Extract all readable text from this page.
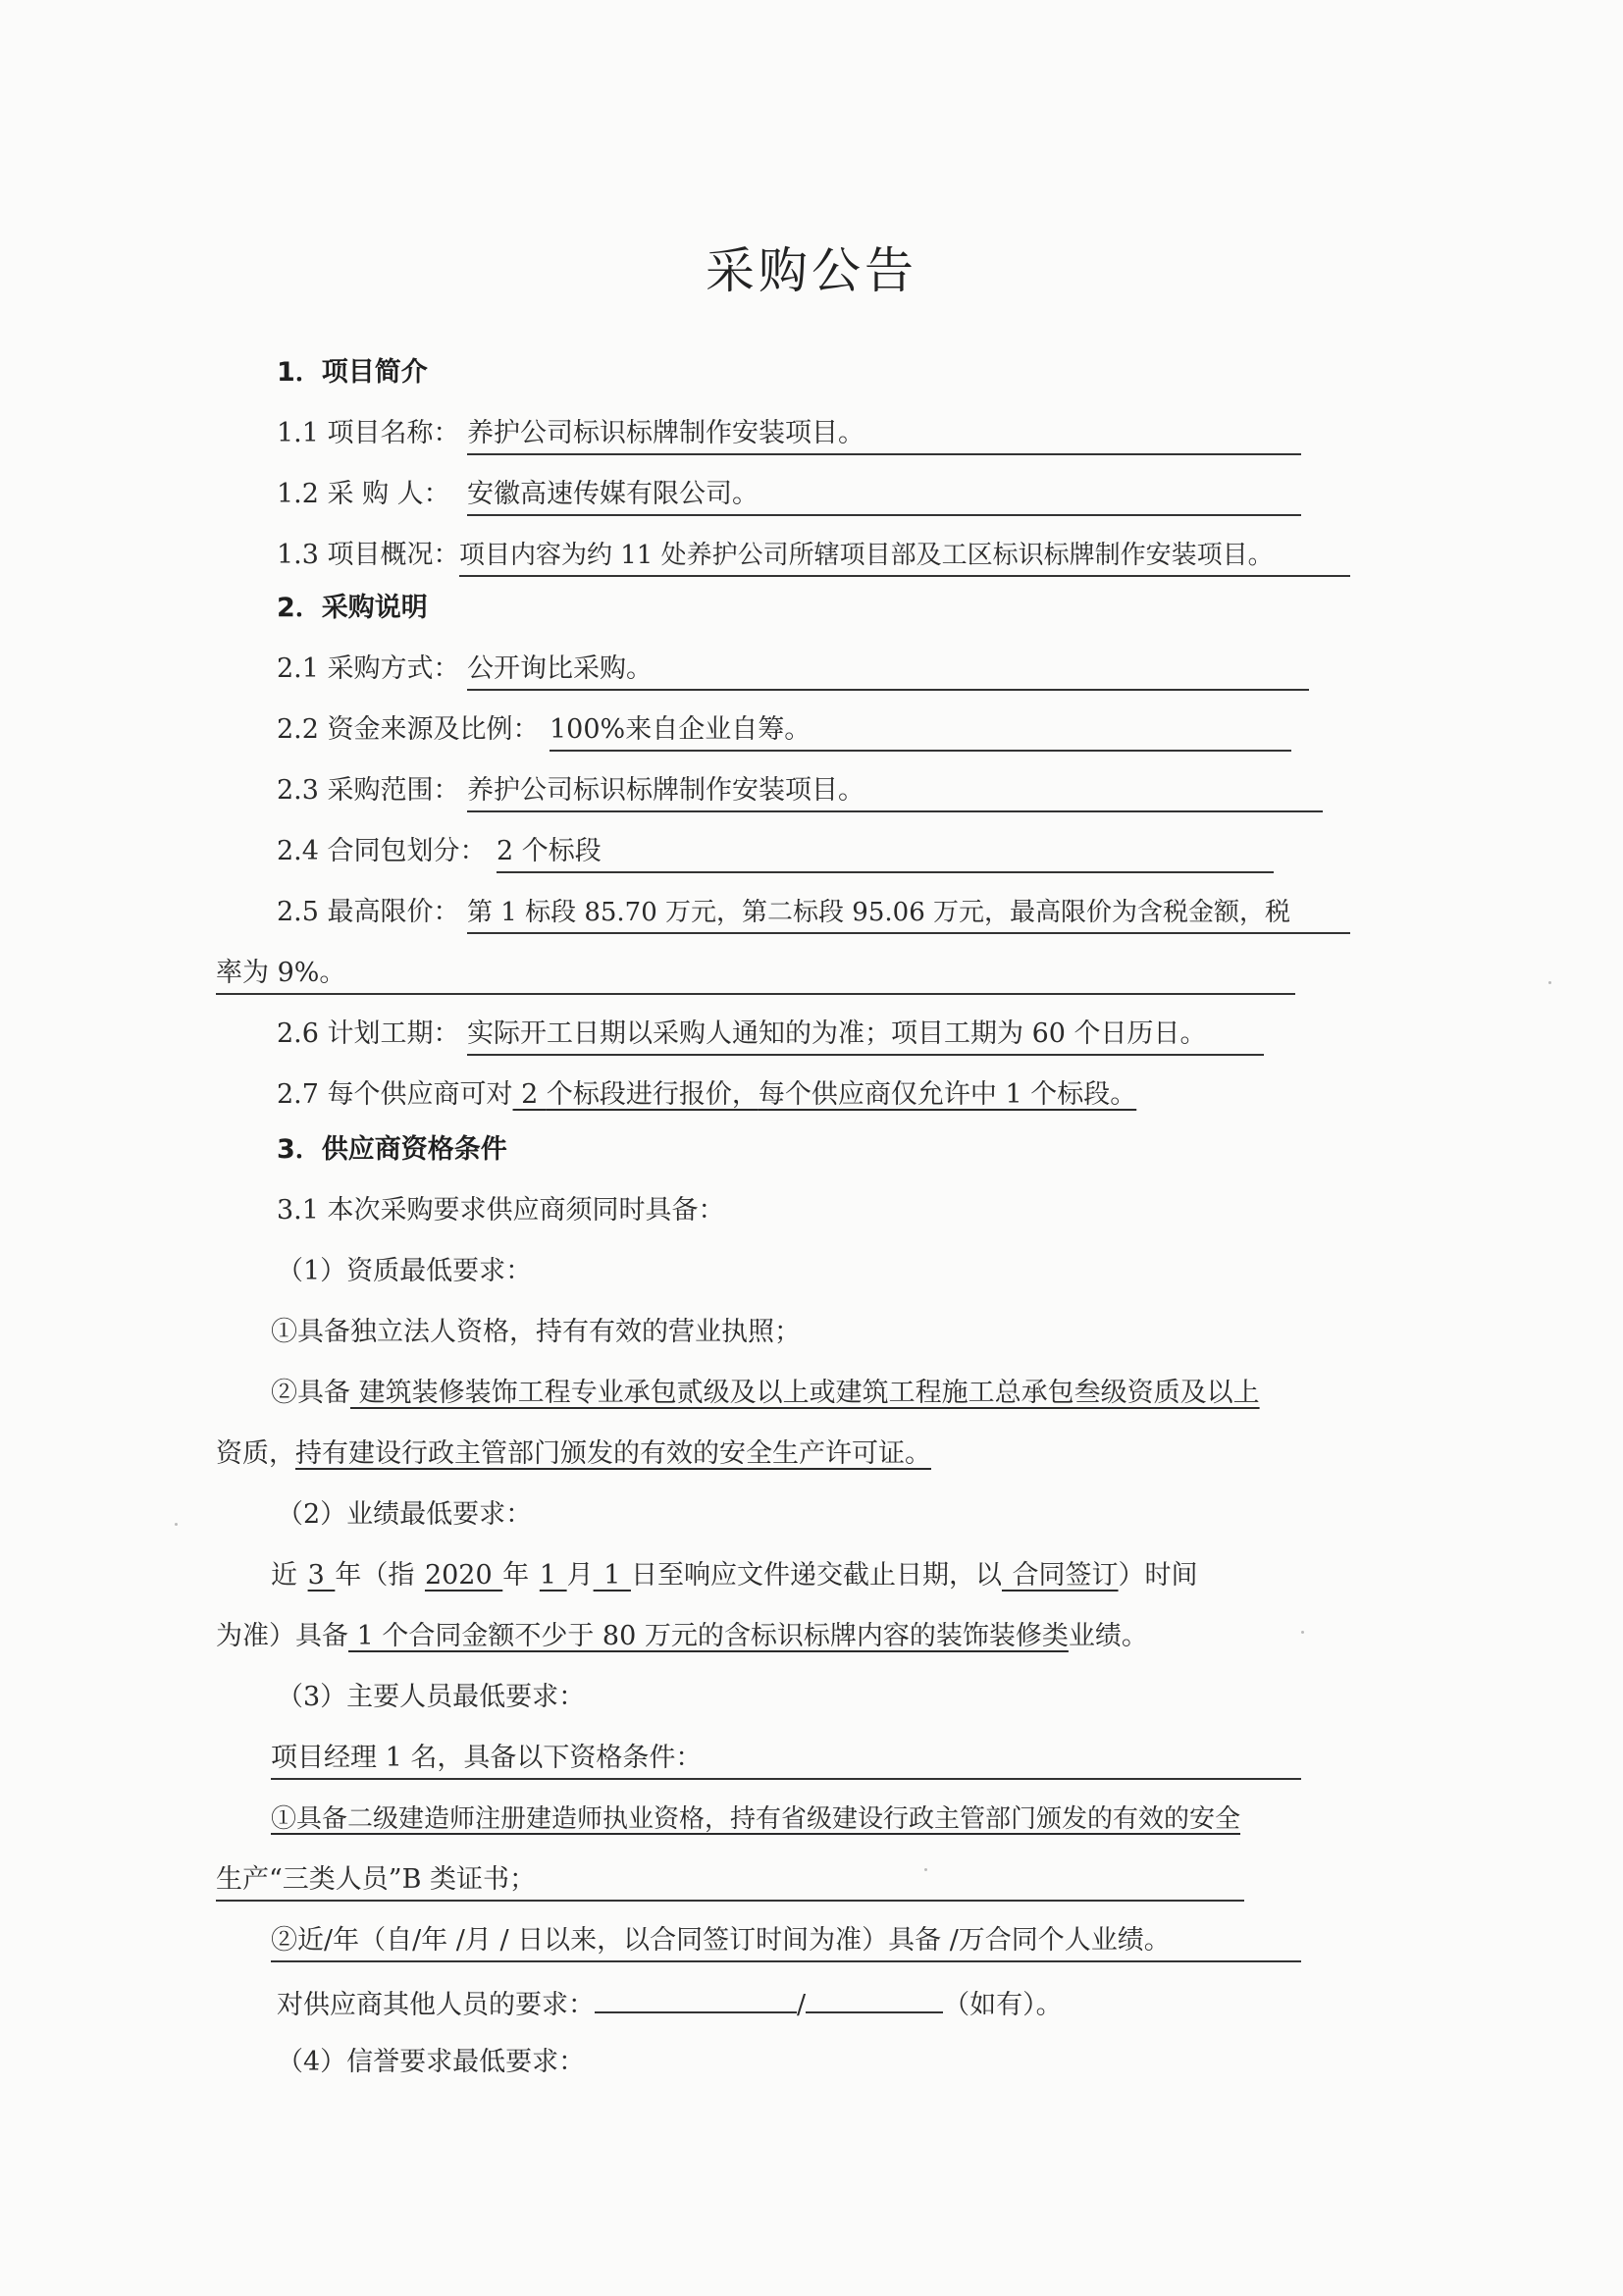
采购公告
1．项目简介
1.1 项目名称： 养护公司标识标牌制作安装项目。
1.2 采 购 人： 安徽高速传媒有限公司。
1.3 项目概况： 项目内容为约 11 处养护公司所辖项目部及工区标识标牌制作安装项目。
2．采购说明
2.1 采购方式： 公开询比采购。
2.2 资金来源及比例： 100%来自企业自筹。
2.3 采购范围： 养护公司标识标牌制作安装项目。
2.4 合同包划分： 2 个标段
2.5 最高限价： 第 1 标段 85.70 万元，第二标段 95.06 万元，最高限价为含税金额，税
率为 9%。
2.6 计划工期： 实际开工日期以采购人通知的为准；项目工期为 60 个日历日。
2.7 每个供应商可对 2 个标段进行报价，每个供应商仅允许中 1 个标段。
3．供应商资格条件
3.1 本次采购要求供应商须同时具备：
（1）资质最低要求：
①具备独立法人资格，持有有效的营业执照；
②具备 建筑装修装饰工程专业承包贰级及以上或建筑工程施工总承包叁级资质及以上
资质，持有建设行政主管部门颁发的有效的安全生产许可证。
（2）业绩最低要求：
近 3 年（指 2020 年 1 月 1 日至响应文件递交截止日期，以 合同签订）时间
为准）具备 1 个合同金额不少于 80 万元的含标识标牌内容的装饰装修类业绩。
（3）主要人员最低要求：
项目经理 1 名，具备以下资格条件：
①具备二级建造师注册建造师执业资格，持有省级建设行政主管部门颁发的有效的安全
生产“三类人员”B 类证书；
②近/年（自/年 /月 / 日以来，以合同签订时间为准）具备 /万合同个人业绩。
对供应商其他人员的要求：	/	（如有）。
（4）信誉要求最低要求：
